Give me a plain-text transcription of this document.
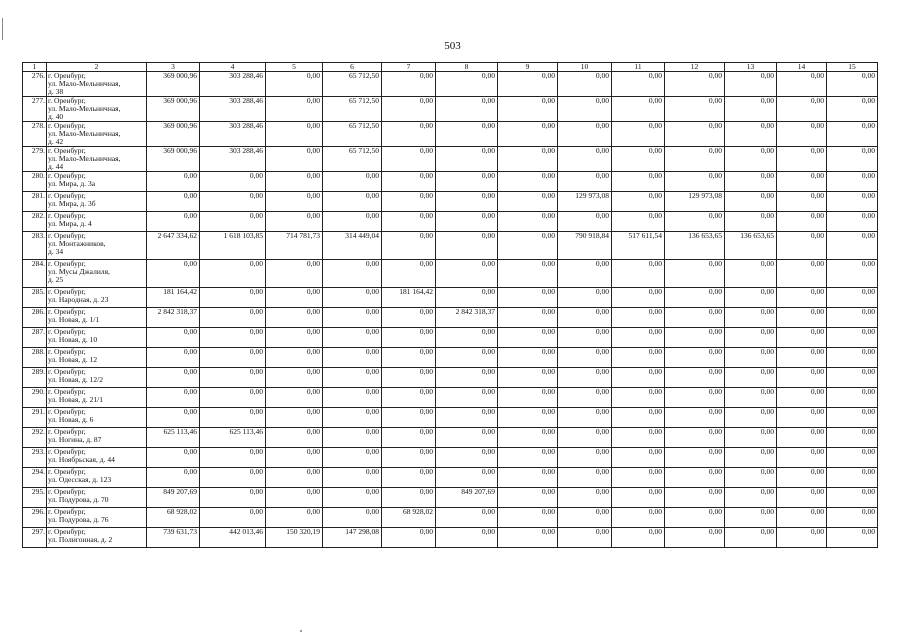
503
1	2	3	4	5	6	7	8	9	10	11	12	13	14	15
276.	г. Оренбург,
ул. Мало-Мельничная,
д. 38	369 000,96	303 288,46	0,00	65 712,50	0,00	0,00	0,00	0,00	0,00	0,00	0,00	0,00	0,00
277.	г. Оренбург,
ул. Мало-Мельничная,
д. 40	369 000,96	303 288,46	0,00	65 712,50	0,00	0,00	0,00	0,00	0,00	0,00	0,00	0,00	0,00
278.	г. Оренбург,
ул. Мало-Мельничная,
д. 42	369 000,96	303 288,46	0,00	65 712,50	0,00	0,00	0,00	0,00	0,00	0,00	0,00	0,00	0,00
279.	г. Оренбург,
ул. Мало-Мельничная,
д. 44	369 000,96	303 288,46	0,00	65 712,50	0,00	0,00	0,00	0,00	0,00	0,00	0,00	0,00	0,00
280.	г. Оренбург,
ул. Мира, д. 3а	0,00	0,00	0,00	0,00	0,00	0,00	0,00	0,00	0,00	0,00	0,00	0,00	0,00
281.	г. Оренбург,
ул. Мира, д. 3б	0,00	0,00	0,00	0,00	0,00	0,00	0,00	129 973,08	0,00	129 973,08	0,00	0,00	0,00
282.	г. Оренбург,
ул. Мира, д. 4	0,00	0,00	0,00	0,00	0,00	0,00	0,00	0,00	0,00	0,00	0,00	0,00	0,00
283.	г. Оренбург,
ул. Монтажников,
д. 34	2 647 334,62	1 618 103,85	714 781,73	314 449,04	0,00	0,00	0,00	790 918,84	517 611,54	136 653,65	136 653,65	0,00	0,00
284.	г. Оренбург,
ул. Мусы Джалиля,
д. 25	0,00	0,00	0,00	0,00	0,00	0,00	0,00	0,00	0,00	0,00	0,00	0,00	0,00
285.	г. Оренбург,
ул. Народная, д. 23	181 164,42	0,00	0,00	0,00	181 164,42	0,00	0,00	0,00	0,00	0,00	0,00	0,00	0,00
286.	г. Оренбург,
ул. Новая, д. 1/1	2 842 318,37	0,00	0,00	0,00	0,00	2 842 318,37	0,00	0,00	0,00	0,00	0,00	0,00	0,00
287.	г. Оренбург,
ул. Новая, д. 10	0,00	0,00	0,00	0,00	0,00	0,00	0,00	0,00	0,00	0,00	0,00	0,00	0,00
288.	г. Оренбург,
ул. Новая, д. 12	0,00	0,00	0,00	0,00	0,00	0,00	0,00	0,00	0,00	0,00	0,00	0,00	0,00
289.	г. Оренбург,
ул. Новая, д. 12/2	0,00	0,00	0,00	0,00	0,00	0,00	0,00	0,00	0,00	0,00	0,00	0,00	0,00
290.	г. Оренбург,
ул. Новая, д. 21/1	0,00	0,00	0,00	0,00	0,00	0,00	0,00	0,00	0,00	0,00	0,00	0,00	0,00
291.	г. Оренбург,
ул. Новая, д. 6	0,00	0,00	0,00	0,00	0,00	0,00	0,00	0,00	0,00	0,00	0,00	0,00	0,00
292.	г. Оренбург,
ул. Ногина, д. 87	625 113,46	625 113,46	0,00	0,00	0,00	0,00	0,00	0,00	0,00	0,00	0,00	0,00	0,00
293.	г. Оренбург,
ул. Ноябрьская, д. 44	0,00	0,00	0,00	0,00	0,00	0,00	0,00	0,00	0,00	0,00	0,00	0,00	0,00
294.	г. Оренбург,
ул. Одесская, д. 123	0,00	0,00	0,00	0,00	0,00	0,00	0,00	0,00	0,00	0,00	0,00	0,00	0,00
295.	г. Оренбург,
ул. Подурова, д. 70	849 207,69	0,00	0,00	0,00	0,00	849 207,69	0,00	0,00	0,00	0,00	0,00	0,00	0,00
296.	г. Оренбург,
ул. Подурова, д. 76	68 928,02	0,00	0,00	0,00	68 928,02	0,00	0,00	0,00	0,00	0,00	0,00	0,00	0,00
297.	г. Оренбург,
ул. Полигонная, д. 2	739 631,73	442 013,46	150 320,19	147 298,08	0,00	0,00	0,00	0,00	0,00	0,00	0,00	0,00	0,00
